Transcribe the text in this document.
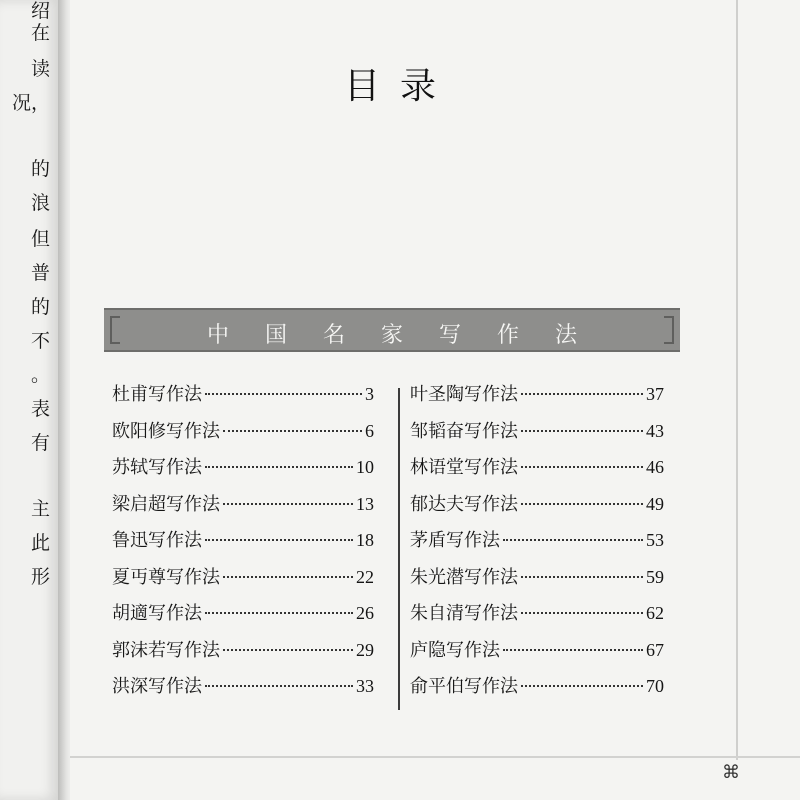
绍
在
读
况，
的
浪
但
普
的
不
。
表
有
主
此
形
目录
中国名家写作法
杜甫写作法	3
欧阳修写作法	6
苏轼写作法	10
梁启超写作法	13
鲁迅写作法	18
夏丏尊写作法	22
胡適写作法	26
郭沫若写作法	29
洪深写作法	33
叶圣陶写作法	37
邹韬奋写作法	43
林语堂写作法	46
郁达夫写作法	49
茅盾写作法	53
朱光潜写作法	59
朱自清写作法	62
庐隐写作法	67
俞平伯写作法	70
⌘
